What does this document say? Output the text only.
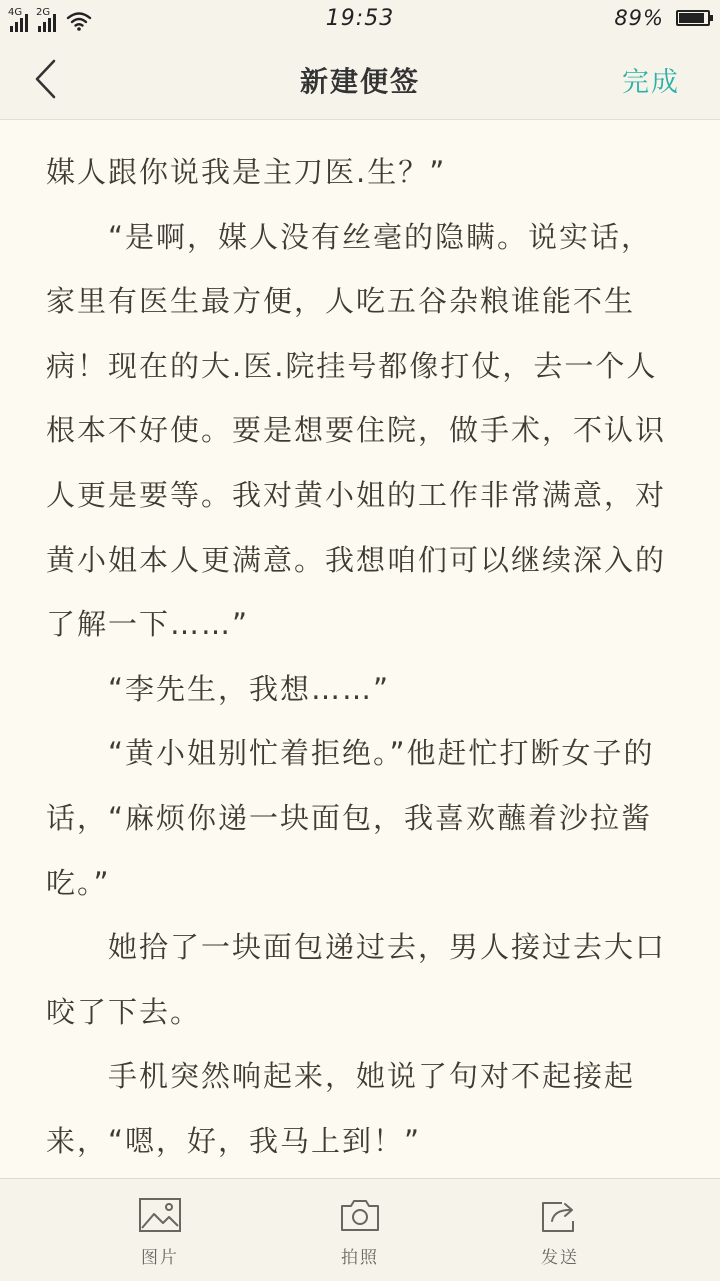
4G 2G	19:53	89%
新建便签	完成

媒人跟你说我是主刀医.生？”

“是啊，媒人没有丝毫的隐瞒。说实话，家里有医生最方便，人吃五谷杂粮谁能不生病！现在的大.医.院挂号都像打仗，去一个人根本不好使。要是想要住院，做手术，不认识人更是要等。我对黄小姐的工作非常满意，对黄小姐本人更满意。我想咱们可以继续深入的了解一下……”

“李先生，我想……”

“黄小姐别忙着拒绝。”他赶忙打断女子的话，“麻烦你递一块面包，我喜欢蘸着沙拉酱吃。”

她拾了一块面包递过去，男人接过去大口咬了下去。

手机突然响起来，她说了句对不起接起来，“嗯，好，我马上到！”

图片	拍照	发送
